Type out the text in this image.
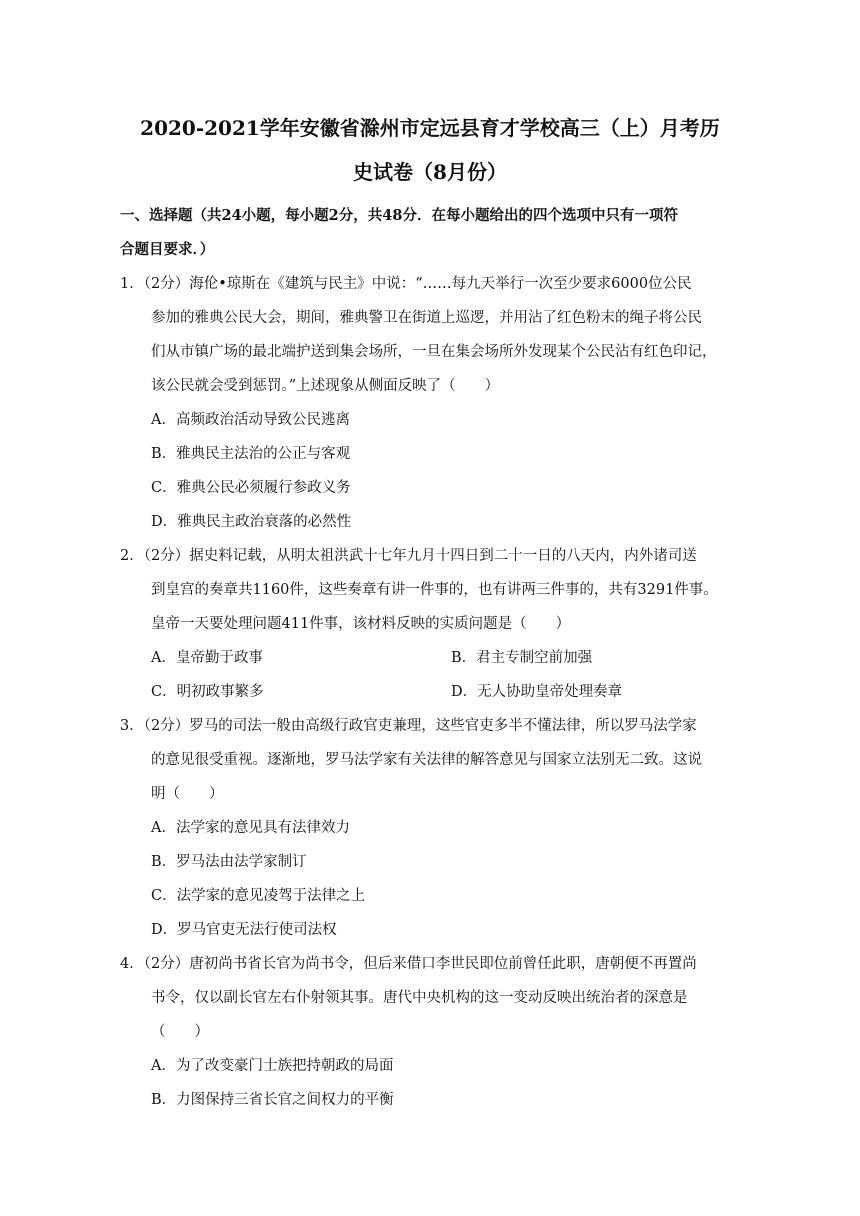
2020-2021学年安徽省滁州市定远县育才学校高三（上）月考历
史试卷（8月份）
一、选择题（共24小题，每小题2分，共48分．在每小题给出的四个选项中只有一项符
合题目要求．）
1．（2分）海伦•琼斯在《建筑与民主》中说：“……每九天举行一次至少要求6000位公民
参加的雅典公民大会，期间，雅典警卫在街道上巡逻，并用沾了红色粉末的绳子将公民
们从市镇广场的最北端护送到集会场所，一旦在集会场所外发现某个公民沾有红色印记，
该公民就会受到惩罚。”上述现象从侧面反映了（　　）
A．高频政治活动导致公民逃离
B．雅典民主法治的公正与客观
C．雅典公民必须履行参政义务
D．雅典民主政治衰落的必然性
2．（2分）据史料记载，从明太祖洪武十七年九月十四日到二十一日的八天内，内外诸司送
到皇宫的奏章共1160件，这些奏章有讲一件事的，也有讲两三件事的，共有3291件事。
皇帝一天要处理问题411件事，该材料反映的实质问题是（　　）
A．皇帝勤于政事	B．君主专制空前加强
C．明初政事繁多	D．无人协助皇帝处理奏章
3．（2分）罗马的司法一般由高级行政官吏兼理，这些官吏多半不懂法律，所以罗马法学家
的意见很受重视。逐渐地，罗马法学家有关法律的解答意见与国家立法别无二致。这说
明（　　）
A．法学家的意见具有法律效力
B．罗马法由法学家制订
C．法学家的意见凌驾于法律之上
D．罗马官吏无法行使司法权
4．（2分）唐初尚书省长官为尚书令，但后来借口李世民即位前曾任此职，唐朝便不再置尚
书令，仅以副长官左右仆射领其事。唐代中央机构的这一变动反映出统治者的深意是
（　　）
A．为了改变豪门士族把持朝政的局面
B．力图保持三省长官之间权力的平衡
